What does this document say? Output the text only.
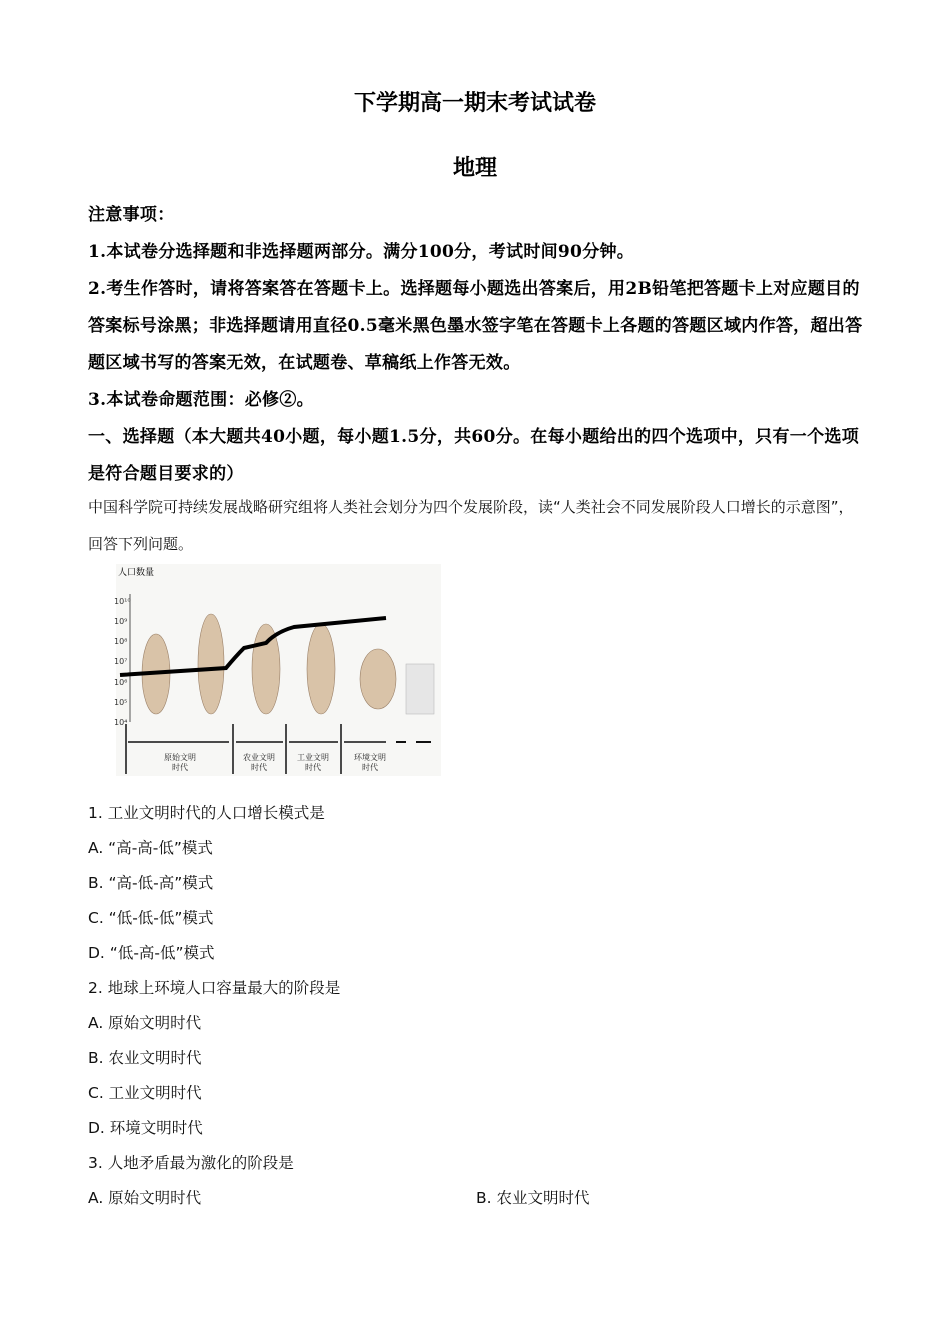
下学期高一期末考试试卷
地理
注意事项：
1.本试卷分选择题和非选择题两部分。满分100分，考试时间90分钟。
2.考生作答时，请将答案答在答题卡上。选择题每小题选出答案后，用2B铅笔把答题卡上对应题目的答案标号涂黑；非选择题请用直径0.5毫米黑色墨水签字笔在答题卡上各题的答题区域内作答，超出答题区域书写的答案无效，在试题卷、草稿纸上作答无效。
3.本试卷命题范围：必修②。
一、选择题（本大题共40小题，每小题1.5分，共60分。在每小题给出的四个选项中，只有一个选项是符合题目要求的）
中国科学院可持续发展战略研究组将人类社会划分为四个发展阶段，读“人类社会不同发展阶段人口增长的示意图”，回答下列问题。
人口数量
10¹⁰
10⁹
10⁸
10⁷
10⁶
10⁵
10⁴
原始文明
时代
农业文明
时代
工业文明
时代
环境文明
时代
1. 工业文明时代的人口增长模式是
A. “高-高-低”模式
B. “高-低-高”模式
C. “低-低-低”模式
D. “低-高-低”模式
2. 地球上环境人口容量最大的阶段是
A. 原始文明时代
B. 农业文明时代
C. 工业文明时代
D. 环境文明时代
3. 人地矛盾最为激化的阶段是
A. 原始文明时代	B. 农业文明时代
